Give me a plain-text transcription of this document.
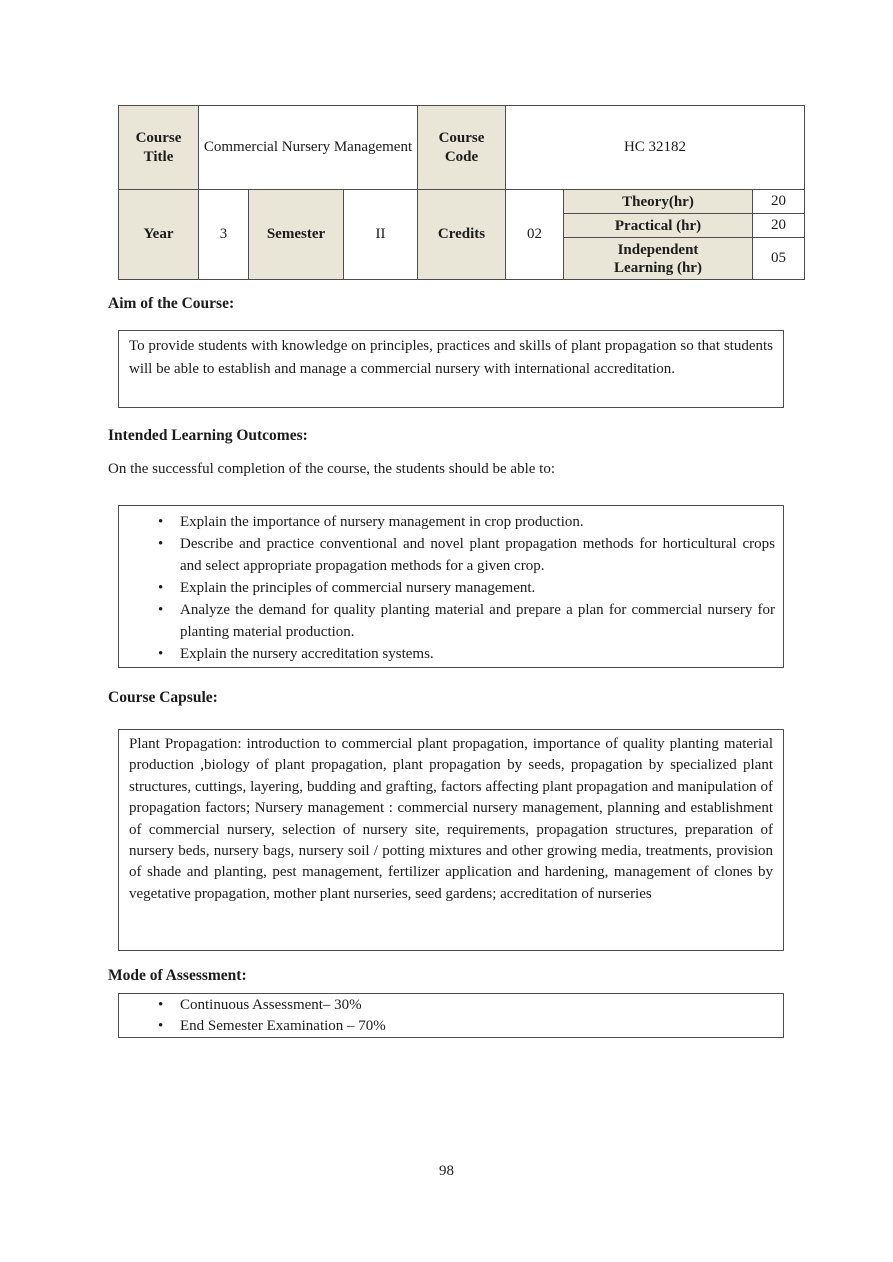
Course Title	Commercial Nursery Management			Course Code	HC 32182		
Year	3	Semester	II	Credits	02	Theory(hr)	20
						Practical (hr)	20
						Independent Learning (hr)	05
Aim of the Course:

To provide students with knowledge on principles, practices and skills of plant propagation so that students will be able to establish and manage a commercial nursery with international accreditation.

Intended Learning Outcomes:
On the successful completion of the course, the students should be able to:
• Explain the importance of nursery management in crop production.
• Describe and practice conventional and novel plant propagation methods for horticultural crops and select appropriate propagation methods for a given crop.
• Explain the principles of commercial nursery management.
• Analyze the demand for quality planting material and prepare a plan for commercial nursery for planting material production.
• Explain the nursery accreditation systems.
Course Capsule:

Plant Propagation: introduction to commercial plant propagation, importance of quality planting material production ,biology of plant propagation, plant propagation by seeds, propagation by specialized plant structures, cuttings, layering, budding and grafting, factors affecting plant propagation and manipulation of propagation factors; Nursery management : commercial nursery management, planning and establishment of commercial nursery, selection of nursery site, requirements, propagation structures, preparation of nursery beds, nursery bags, nursery soil / potting mixtures and other growing media, treatments, provision of shade and planting, pest management, fertilizer application and hardening, management of clones by vegetative propagation, mother plant nurseries, seed gardens; accreditation of nurseries

Mode of Assessment:
• Continuous Assessment– 30%
• End Semester Examination – 70%
98
